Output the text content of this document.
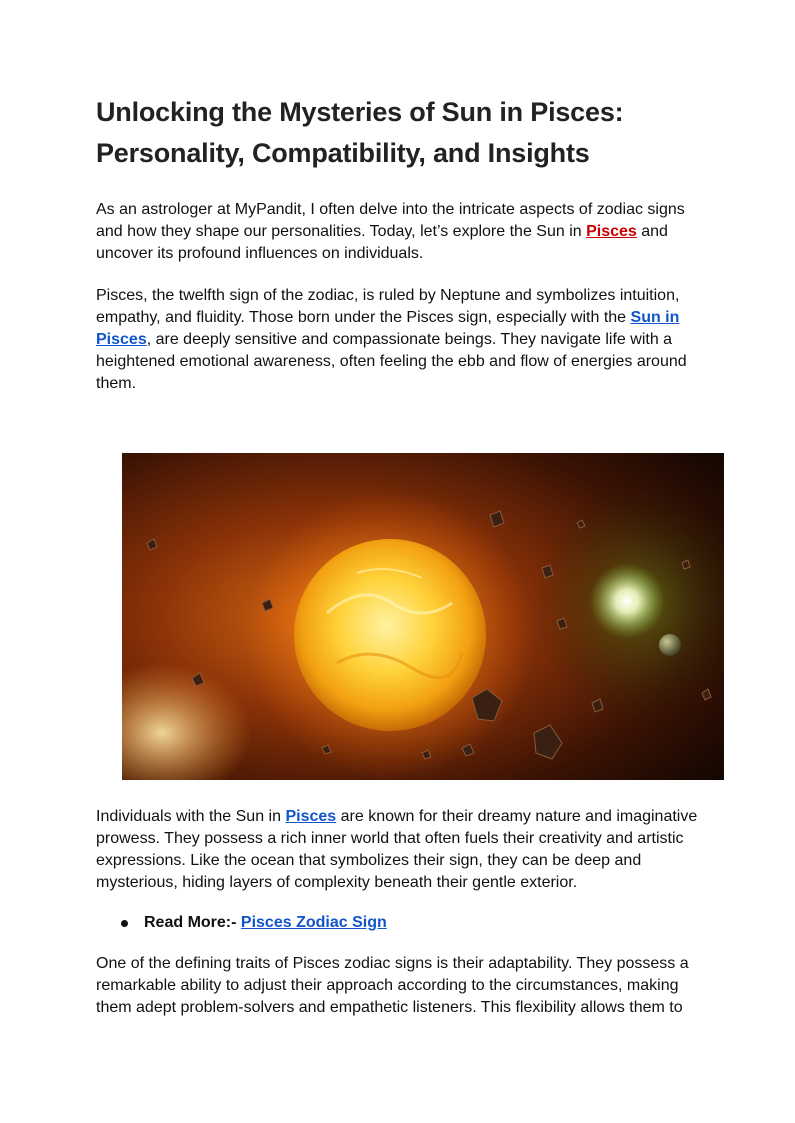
Unlocking the Mysteries of Sun in Pisces: Personality, Compatibility, and Insights

As an astrologer at MyPandit, I often delve into the intricate aspects of zodiac signs and how they shape our personalities. Today, let’s explore the Sun in Pisces and uncover its profound influences on individuals.

Pisces, the twelfth sign of the zodiac, is ruled by Neptune and symbolizes intuition, empathy, and fluidity. Those born under the Pisces sign, especially with the Sun in Pisces, are deeply sensitive and compassionate beings. They navigate life with a heightened emotional awareness, often feeling the ebb and flow of energies around them.

Individuals with the Sun in Pisces are known for their dreamy nature and imaginative prowess. They possess a rich inner world that often fuels their creativity and artistic expressions. Like the ocean that symbolizes their sign, they can be deep and mysterious, hiding layers of complexity beneath their gentle exterior.

Read More:- Pisces Zodiac Sign

One of the defining traits of Pisces zodiac signs is their adaptability. They possess a remarkable ability to adjust their approach according to the circumstances, making them adept problem-solvers and empathetic listeners. This flexibility allows them to
